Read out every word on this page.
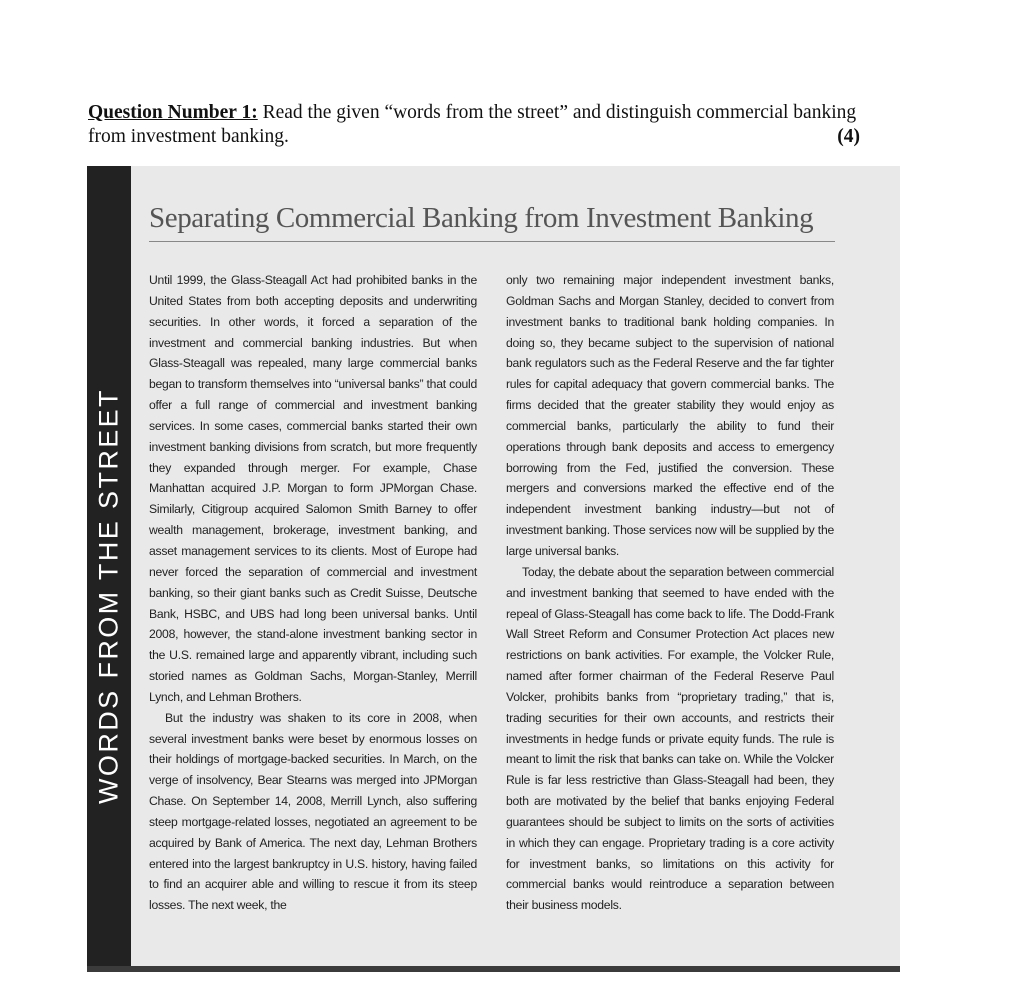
Question Number 1: Read the given “words from the street” and distinguish commercial banking from investment banking.	(4)
WORDS FROM THE STREET
Separating Commercial Banking from Investment Banking

Until 1999, the Glass-Steagall Act had prohibited banks in the United States from both accepting deposits and underwriting securities. In other words, it forced a separation of the investment and commercial banking industries. But when Glass-Steagall was repealed, many large commercial banks began to transform themselves into “universal banks” that could offer a full range of commercial and investment banking services. In some cases, commercial banks started their own investment banking divisions from scratch, but more frequently they expanded through merger. For example, Chase Manhattan acquired J.P. Morgan to form JPMorgan Chase. Similarly, Citigroup acquired Salomon Smith Barney to offer wealth management, brokerage, investment banking, and asset management services to its clients. Most of Europe had never forced the separation of commercial and investment banking, so their giant banks such as Credit Suisse, Deutsche Bank, HSBC, and UBS had long been universal banks. Until 2008, however, the stand-alone investment banking sector in the U.S. remained large and apparently vibrant, including such storied names as Goldman Sachs, Morgan-Stanley, Merrill Lynch, and Lehman Brothers.

But the industry was shaken to its core in 2008, when several investment banks were beset by enormous losses on their holdings of mortgage-backed securities. In March, on the verge of insolvency, Bear Stearns was merged into JPMorgan Chase. On September 14, 2008, Merrill Lynch, also suffering steep mortgage-related losses, negotiated an agreement to be acquired by Bank of America. The next day, Lehman Brothers entered into the largest bankruptcy in U.S. history, having failed to find an acquirer able and willing to rescue it from its steep losses. The next week, the

only two remaining major independent investment banks, Goldman Sachs and Morgan Stanley, decided to convert from investment banks to traditional bank holding companies. In doing so, they became subject to the supervision of national bank regulators such as the Federal Reserve and the far tighter rules for capital adequacy that govern commercial banks. The firms decided that the greater stability they would enjoy as commercial banks, particularly the ability to fund their operations through bank deposits and access to emergency borrowing from the Fed, justified the conversion. These mergers and conversions marked the effective end of the independent investment banking industry—but not of investment banking. Those services now will be supplied by the large universal banks.

Today, the debate about the separation between commercial and investment banking that seemed to have ended with the repeal of Glass-Steagall has come back to life. The Dodd-Frank Wall Street Reform and Consumer Protection Act places new restrictions on bank activities. For example, the Volcker Rule, named after former chairman of the Federal Reserve Paul Volcker, prohibits banks from “proprietary trading,” that is, trading securities for their own accounts, and restricts their investments in hedge funds or private equity funds. The rule is meant to limit the risk that banks can take on. While the Volcker Rule is far less restrictive than Glass-Steagall had been, they both are motivated by the belief that banks enjoying Federal guarantees should be subject to limits on the sorts of activities in which they can engage. Proprietary trading is a core activity for investment banks, so limitations on this activity for commercial banks would reintroduce a separation between their business models.
